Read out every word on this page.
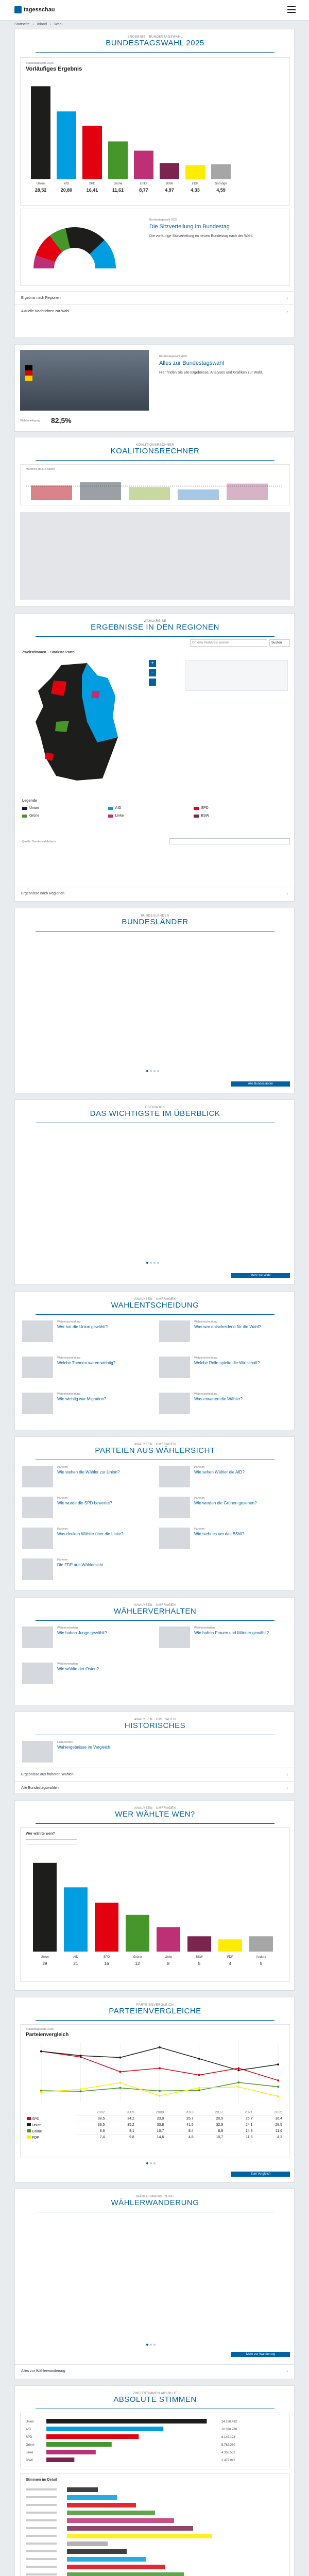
tagesschau
Startseite › Inland › Wahl
ERGEBNIS · BUNDESTAGSWAHL
BUNDESTAGSWAHL 2025
Bundestagswahl 2025
Vorläufiges Ergebnis
Union
28,52
AfD
20,80
SPD
16,41
Grüne
11,61
Linke
8,77
BSW
4,97
FDP
4,33
Sonstige
4,59
Bundestagswahl 2025
Die Sitzverteilung im Bundestag
Die vorläufige Sitzverteilung im neuen Bundestag nach der Wahl.
Ergebnis nach Regionen	›
Aktuelle Nachrichten zur Wahl	›
Bundestagswahl 2025
Alles zur Bundestagswahl
Hier finden Sie alle Ergebnisse, Analysen und Grafiken zur Wahl.
Wahlbeteiligung 82,5%
KOALITIONSRECHNER
KOALITIONSRECHNER
Mehrheit ab 316 Sitzen
WAHLKREISE
ERGEBNISSE IN DEN REGIONEN
Ort oder Wahlkreis suchen	Suchen
Zweitstimmen – Stärkste Partei
+
−
Legende
Union	AfD	SPD
Grüne	Linke	BSW
Quelle: Bundeswahlleiterin
Ergebnisse nach Regionen	›
BUNDESLÄNDER
BUNDESLÄNDER
Alle Bundesländer
ÜBERBLICK
DAS WICHTIGSTE IM ÜBERBLICK
Mehr zur Wahl
ANALYSEN · UMFRAGEN
WAHLENTSCHEIDUNG
Wahlentscheidung
Wer hat die Union gewählt?
Wahlentscheidung
Was war entscheidend für die Wahl?
Wahlentscheidung
Welche Themen waren wichtig?
Wahlentscheidung
Welche Rolle spielte die Wirtschaft?
Wahlentscheidung
Wie wichtig war Migration?
Wahlentscheidung
Was erwarten die Wähler?
ANALYSEN · UMFRAGEN
PARTEIEN AUS WÄHLERSICHT
Parteien
Wie stehen die Wähler zur Union?
Parteien
Wie sehen Wähler die AfD?
Parteien
Wie wurde die SPD bewertet?
Parteien
Wie werden die Grünen gesehen?
Parteien
Was denken Wähler über die Linke?
Parteien
Wie steht es um das BSW?
Parteien
Die FDP aus Wählersicht
ANALYSEN · UMFRAGEN
WÄHLERVERHALTEN
Wählerverhalten
Wie haben Junge gewählt?
Wählerverhalten
Wie haben Frauen und Männer gewählt?
Wählerverhalten
Wie wählte der Osten?
ANALYSEN · UMFRAGEN
HISTORISCHES
Historisches
Wahlergebnisse im Vergleich
Ergebnisse aus früheren Wahlen	›
Alle Bundestagswahlen	›
ANALYSEN · UMFRAGEN
WER WÄHLTE WEN?
Wer wählte wen?
Union
29
AfD
21
SPD
16
Grüne
12
Linke
8
BSW
5
FDP
4
Andere
5
PARTEIENVERGLEICH
PARTEIENVERGLEICHE
Bundestagswahl 2025
Parteienvergleich
	2002	2005	2009	2013	2017	2021	2025
SPD	38,5	34,2	23,0	25,7	20,5	25,7	16,4
Union	38,5	35,2	33,8	41,5	32,9	24,1	28,5
Grüne	8,6	8,1	10,7	8,4	8,9	14,8	11,6
FDP	7,4	9,8	14,6	4,8	10,7	11,5	4,3
Zum Vergleich
WÄHLERWANDERUNG
WÄHLERWANDERUNG
Mehr zur Wanderung
Alles zur Wählerwanderung	›
ZWEITSTIMMEN ABSOLUT
ABSOLUTE STIMMEN
Union	14.158.432
AfD	10.328.780
SPD	8.149.124
Grüne	5.762.380
Linke	4.356.532
BSW	2.472.947
Stimmen im Detail
